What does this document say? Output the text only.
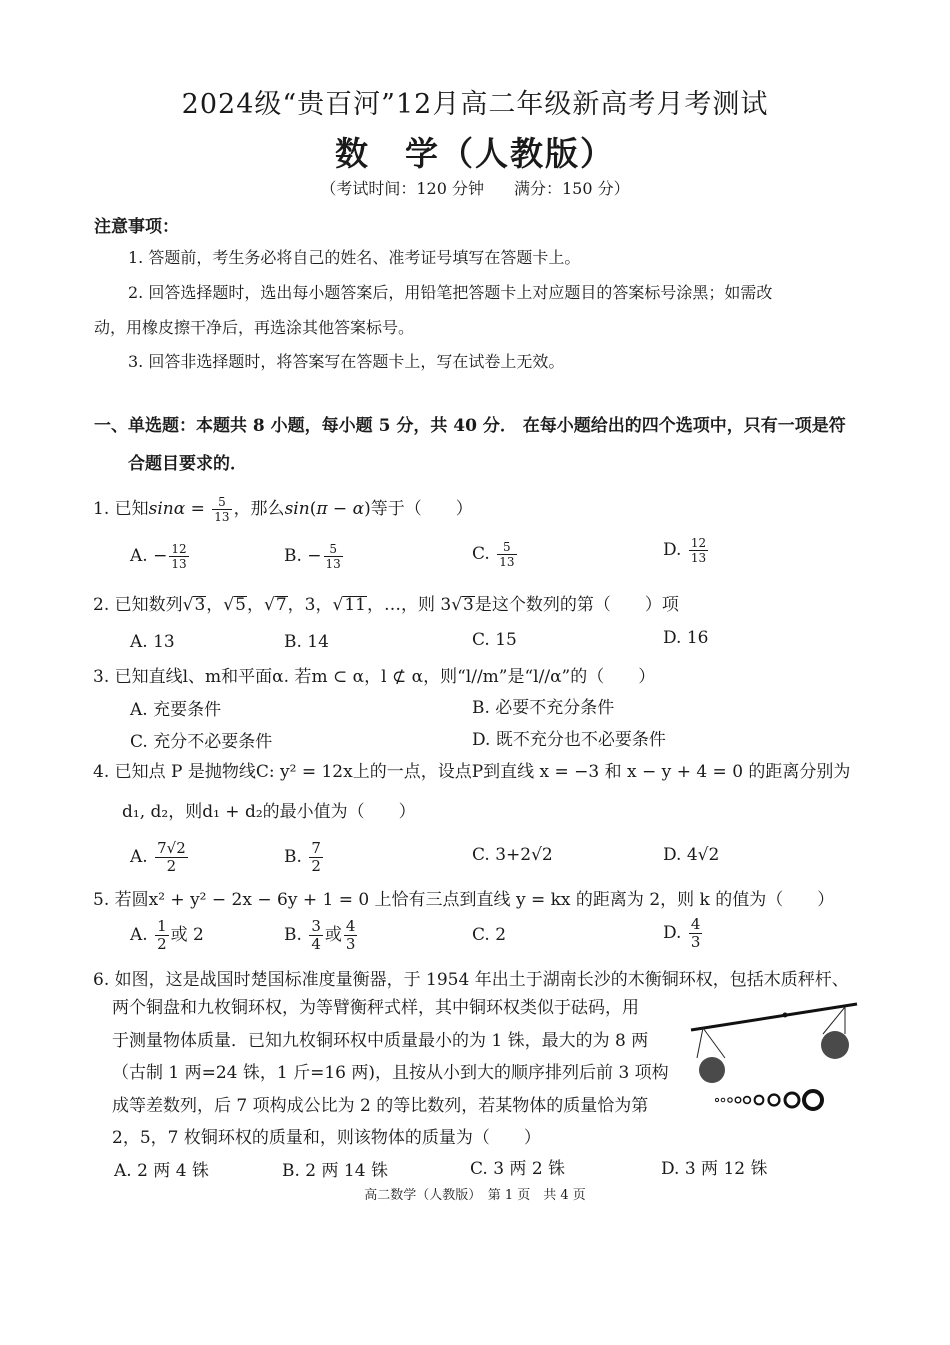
2024级“贵百河”12月高二年级新高考月考测试
数　学（人教版）
（考试时间：120 分钟 满分：150 分）
注意事项：
1. 答题前，考生务必将自己的姓名、准考证号填写在答题卡上。
2. 回答选择题时，选出每小题答案后，用铅笔把答题卡上对应题目的答案标号涂黑；如需改
动，用橡皮擦干净后，再选涂其他答案标号。
3. 回答非选择题时，将答案写在答题卡上，写在试卷上无效。
一、单选题：本题共 8 小题，每小题 5 分，共 40 分． 在每小题给出的四个选项中，只有一项是符
合题目要求的．
1. 已知$\sin\alpha = \frac{5}{13}$ ，那么sin(π − α)等于（　　）
A. − $\frac{12}{13}$	B. − $\frac{5}{13}$	C. $\frac{5}{13}$	D. $\frac{12}{13}$
2. 已知数列√3，√5，√7，3，√11，…，则 3√3是这个数列的第（　　）项
A. 13	B. 14	C. 15	D. 16
3. 已知直线l、m和平面α. 若m ⊂ α，l ⊄ α，则“l//m”是“l//α”的（　　）
A. 充要条件	B. 必要不充分条件
C. 充分不必要条件	D. 既不充分也不必要条件
4. 已知点 P 是抛物线C: y² = 12x上的一点，设点P到直线 x = −3 和 x − y + 4 = 0 的距离分别为
d₁, d₂，则d₁ + d₂的最小值为（　　）
A. $\frac{7√2}{2}$	B. $\frac{7}{2}$	C. 3+2√2	D. 4√2
5. 若圆x² + y² − 2x − 6y + 1 = 0 上恰有三点到直线 y = kx 的距离为 2，则 k 的值为（　　）
A. $\frac{1}{2}$ 或 2	B. $\frac{3}{4}$ 或 $\frac{4}{3}$	C. 2	D. $\frac{4}{3}$
6. 如图，这是战国时楚国标准度量衡器，于 1954 年出土于湖南长沙的木衡铜环权，包括木质秤杆、
两个铜盘和九枚铜环权，为等臂衡秤式样，其中铜环权类似于砝码，用
于测量物体质量．已知九枚铜环权中质量最小的为 1 铢，最大的为 8 两
（古制 1 两=24 铢，1 斤=16 两)，且按从小到大的顺序排列后前 3 项构
成等差数列，后 7 项构成公比为 2 的等比数列，若某物体的质量恰为第
2，5，7 枚铜环权的质量和，则该物体的质量为（　　）
A. 2 两 4 铢	B. 2 两 14 铢	C. 3 两 2 铢	D. 3 两 12 铢
高二数学（人教版）　第 1 页　共 4 页
